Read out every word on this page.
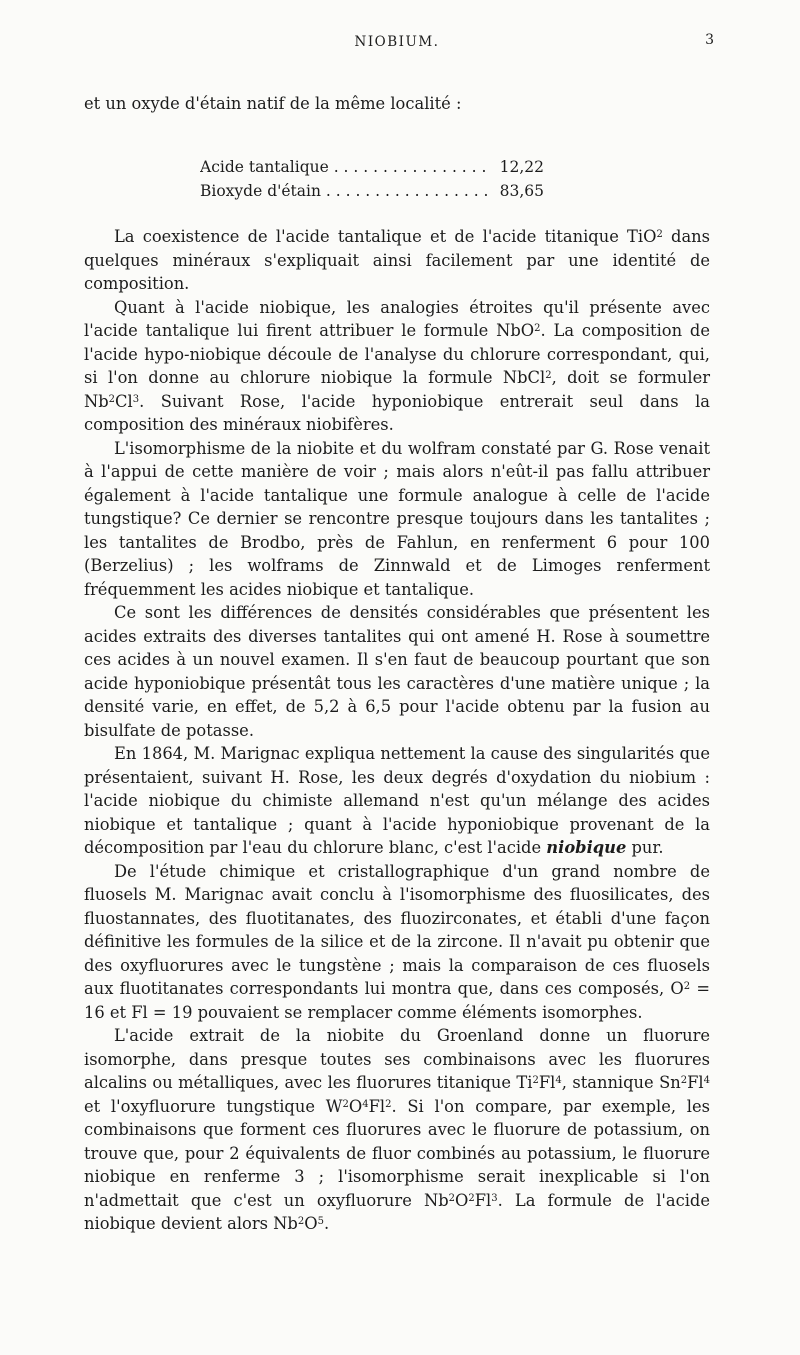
NIOBIUM.	3
et un oxyde d'étain natif de la même localité :
Acide tantalique . . .	12,22
Bioxyde d'étain . . .	83,65

La coexistence de l'acide tantalique et de l'acide titanique TiO$^2$ dans quelques minéraux s'expliquait ainsi facilement par une identité de composition.

Quant à l'acide niobique, les analogies étroites qu'il présente avec l'acide tantalique lui firent attribuer le formule NbO$^2$. La composition de l'acide hypo-niobique découle de l'analyse du chlorure correspondant, qui, si l'on donne au chlorure niobique la formule NbCl$^2$, doit se formuler Nb$^2$Cl$^3$. Suivant Rose, l'acide hyponiobique entrerait seul dans la composition des minéraux niobifères.

L'isomorphisme de la niobite et du wolfram constaté par G. Rose venait à l'appui de cette manière de voir ; mais alors n'eût-il pas fallu attribuer également à l'acide tantalique une formule analogue à celle de l'acide tungstique? Ce dernier se rencontre presque toujours dans les tantalites ; les tantalites de Brodbo, près de Fahlun, en renferment 6 pour 100 (Berzelius) ; les wolframs de Zinnwald et de Limoges renferment fréquemment les acides niobique et tantalique.

Ce sont les différences de densités considérables que présentent les acides extraits des diverses tantalites qui ont amené H. Rose à soumettre ces acides à un nouvel examen. Il s'en faut de beaucoup pourtant que son acide hyponiobique présentât tous les caractères d'une matière unique ; la densité varie, en effet, de 5,2 à 6,5 pour l'acide obtenu par la fusion au bisulfate de potasse.

En 1864, M. Marignac expliqua nettement la cause des singularités que présentaient, suivant H. Rose, les deux degrés d'oxydation du niobium : l'acide niobique du chimiste allemand n'est qu'un mélange des acides niobique et tantalique ; quant à l'acide hyponiobique provenant de la décomposition par l'eau du chlorure blanc, c'est l'acide niobique pur.

De l'étude chimique et cristallographique d'un grand nombre de fluosels M. Marignac avait conclu à l'isomorphisme des fluosilicates, des fluostannates, des fluotitanates, des fluozirconates, et établi d'une façon définitive les formules de la silice et de la zircone. Il n'avait pu obtenir que des oxyfluorures avec le tungstène ; mais la comparaison de ces fluosels aux fluotitanates correspondants lui montra que, dans ces composés, $O^2 = 16$ et Fl = 19 pouvaient se remplacer comme éléments isomorphes.

L'acide extrait de la niobite du Groenland donne un fluorure isomorphe, dans presque toutes ses combinaisons avec les fluorures alcalins ou métalliques, avec les fluorures titanique Ti$^2$Fl$^4$, stannique Sn$^2$Fl$^4$ et l'oxyfluorure tungstique $W^2O^4Fl^2$. Si l'on compare, par exemple, les combinaisons que forment ces fluorures avec le fluorure de potassium, on trouve que, pour 2 équivalents de fluor combinés au potassium, le fluorure niobique en renferme 3 ; l'isomorphisme serait inexplicable si l'on n'admettait que c'est un oxyfluorure $Nb^2O^2Fl^3$. La formule de l'acide niobique devient alors $Nb^2O^5$.
